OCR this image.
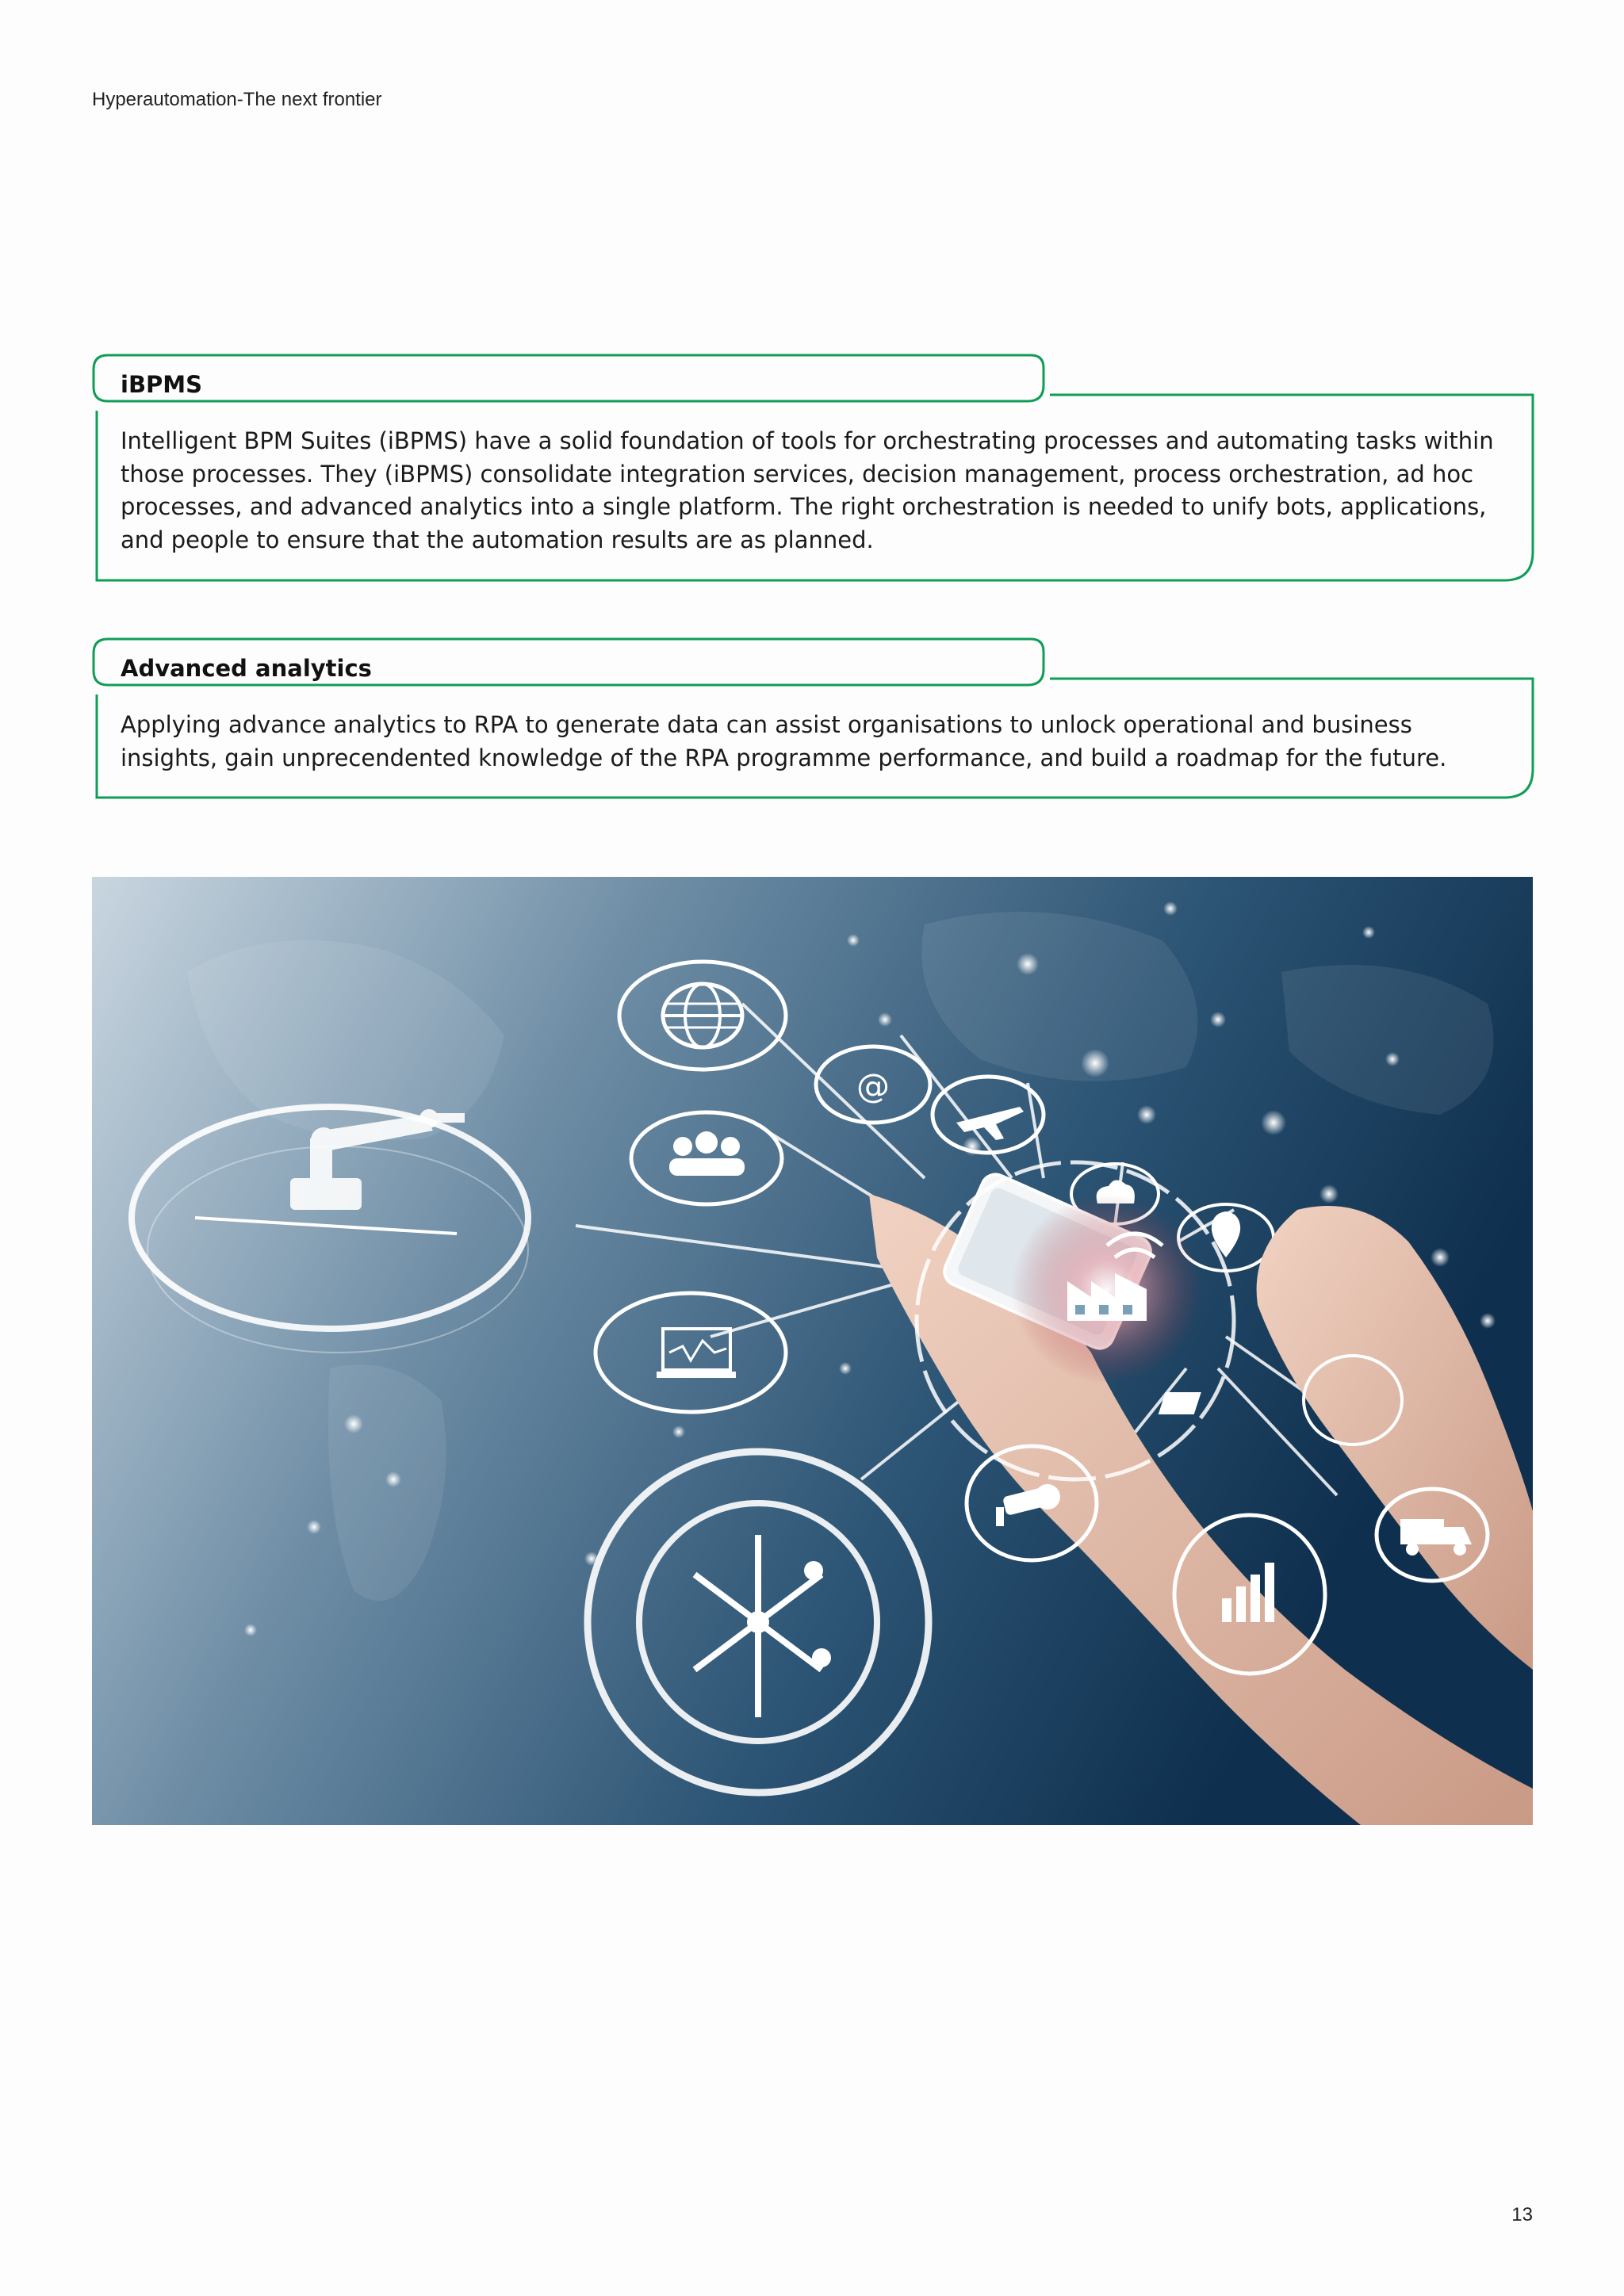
Hyperautomation-The next frontier

iBPMS

Intelligent BPM Suites (iBPMS) have a solid foundation of tools for orchestrating processes and automating tasks within those processes. They (iBPMS) consolidate integration services, decision management, process orchestration, ad hoc processes, and advanced analytics into a single platform. The right orchestration is needed to unify bots, applications, and people to ensure that the automation results are as planned.

Advanced analytics

Applying advance analytics to RPA to generate data can assist organisations to unlock operational and business insights, gain unprecendented knowledge of the RPA programme performance, and build a roadmap for the future.

@

13
